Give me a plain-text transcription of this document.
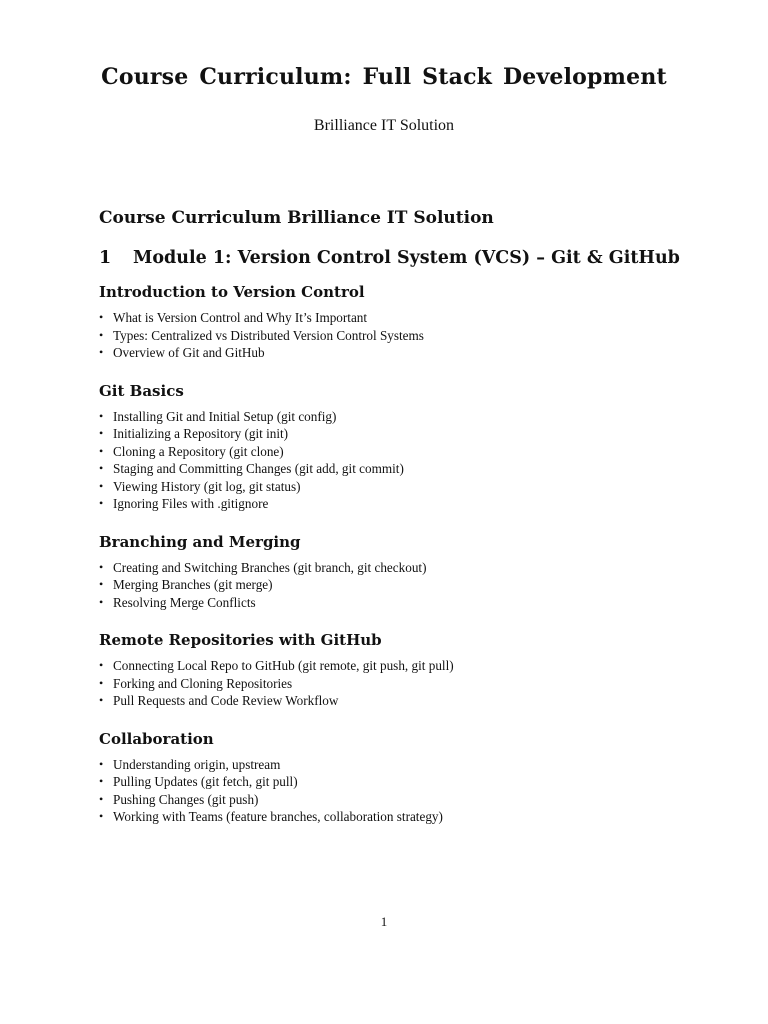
Course Curriculum: Full Stack Development

Brilliance IT Solution

Course Curriculum Brilliance IT Solution
1	Module 1: Version Control System (VCS) – Git & GitHub
Introduction to Version Control
• What is Version Control and Why It’s Important
• Types: Centralized vs Distributed Version Control Systems
• Overview of Git and GitHub
Git Basics
• Installing Git and Initial Setup (git config)
• Initializing a Repository (git init)
• Cloning a Repository (git clone)
• Staging and Committing Changes (git add, git commit)
• Viewing History (git log, git status)
• Ignoring Files with .gitignore
Branching and Merging
• Creating and Switching Branches (git branch, git checkout)
• Merging Branches (git merge)
• Resolving Merge Conflicts
Remote Repositories with GitHub
• Connecting Local Repo to GitHub (git remote, git push, git pull)
• Forking and Cloning Repositories
• Pull Requests and Code Review Workflow
Collaboration
• Understanding origin, upstream
• Pulling Updates (git fetch, git pull)
• Pushing Changes (git push)
• Working with Teams (feature branches, collaboration strategy)

1
